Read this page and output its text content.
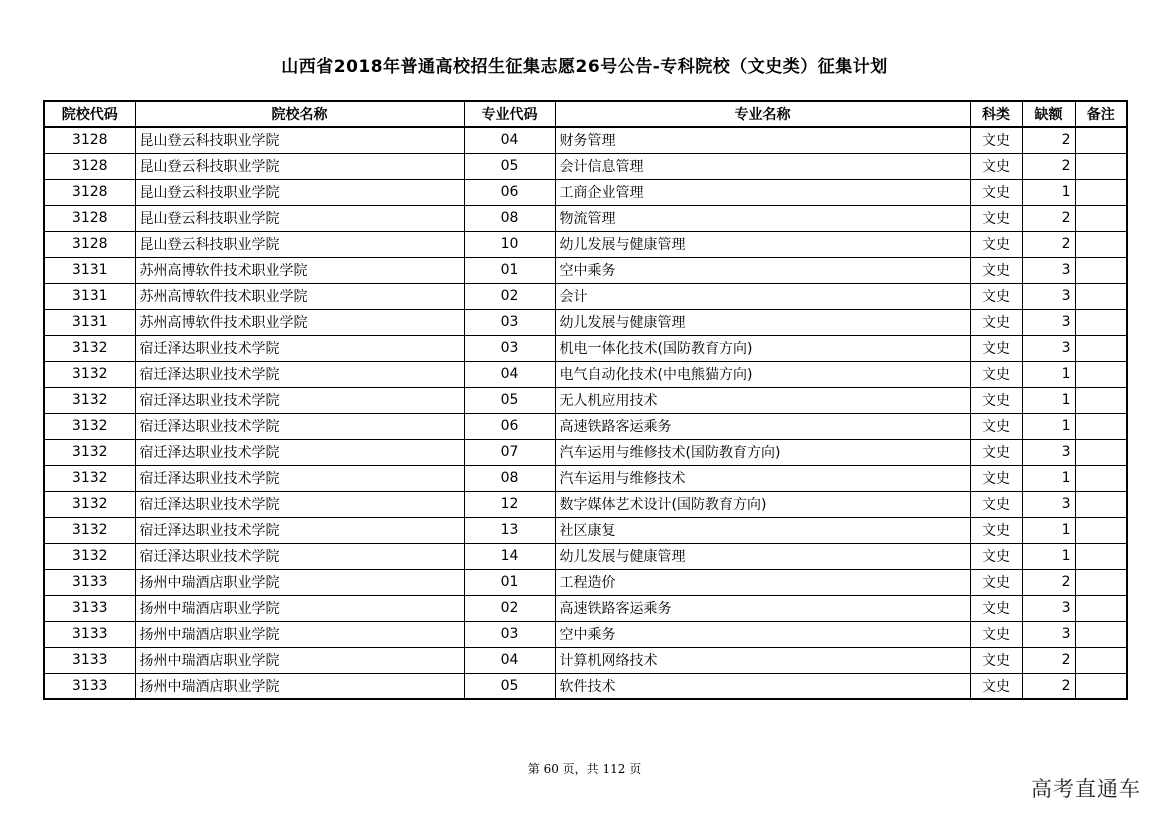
山西省2018年普通高校招生征集志愿26号公告-专科院校（文史类）征集计划
院校代码	院校名称	专业代码	专业名称	科类	缺额	备注
3128	昆山登云科技职业学院	04	财务管理	文史	2	
3128	昆山登云科技职业学院	05	会计信息管理	文史	2	
3128	昆山登云科技职业学院	06	工商企业管理	文史	1	
3128	昆山登云科技职业学院	08	物流管理	文史	2	
3128	昆山登云科技职业学院	10	幼儿发展与健康管理	文史	2	
3131	苏州高博软件技术职业学院	01	空中乘务	文史	3	
3131	苏州高博软件技术职业学院	02	会计	文史	3	
3131	苏州高博软件技术职业学院	03	幼儿发展与健康管理	文史	3	
3132	宿迁泽达职业技术学院	03	机电一体化技术(国防教育方向)	文史	3	
3132	宿迁泽达职业技术学院	04	电气自动化技术(中电熊猫方向)	文史	1	
3132	宿迁泽达职业技术学院	05	无人机应用技术	文史	1	
3132	宿迁泽达职业技术学院	06	高速铁路客运乘务	文史	1	
3132	宿迁泽达职业技术学院	07	汽车运用与维修技术(国防教育方向)	文史	3	
3132	宿迁泽达职业技术学院	08	汽车运用与维修技术	文史	1	
3132	宿迁泽达职业技术学院	12	数字媒体艺术设计(国防教育方向)	文史	3	
3132	宿迁泽达职业技术学院	13	社区康复	文史	1	
3132	宿迁泽达职业技术学院	14	幼儿发展与健康管理	文史	1	
3133	扬州中瑞酒店职业学院	01	工程造价	文史	2	
3133	扬州中瑞酒店职业学院	02	高速铁路客运乘务	文史	3	
3133	扬州中瑞酒店职业学院	03	空中乘务	文史	3	
3133	扬州中瑞酒店职业学院	04	计算机网络技术	文史	2	
3133	扬州中瑞酒店职业学院	05	软件技术	文史	2	
第 60 页，共 112 页
高考直通车
